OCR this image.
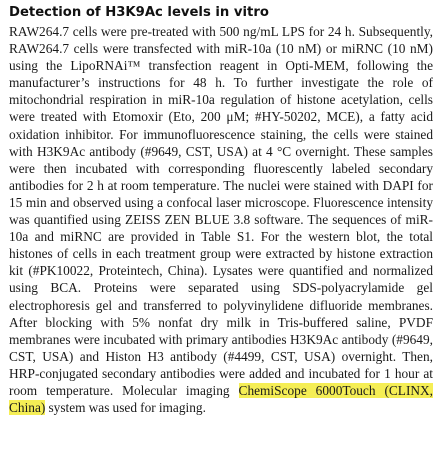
Detection of H3K9Ac levels in vitro

RAW264.7 cells were pre-treated with 500 ng/mL LPS for 24 h. Subsequently, RAW264.7 cells were transfected with miR-10a (10 nM) or miRNC (10 nM) using the LipoRNAi™ transfection reagent in Opti-MEM, following the manufacturer’s instructions for 48 h. To further investigate the role of mitochondrial respiration in miR-10a regulation of histone acetylation, cells were treated with Etomoxir (Eto, 200 μM; #HY-50202, MCE), a fatty acid oxidation inhibitor. For immunofluorescence staining, the cells were stained with H3K9Ac antibody (#9649, CST, USA) at 4 °C overnight. These samples were then incubated with corresponding fluorescently labeled secondary antibodies for 2 h at room temperature. The nuclei were stained with DAPI for 15 min and observed using a confocal laser microscope. Fluorescence intensity was quantified using ZEISS ZEN BLUE 3.8 software. The sequences of miR-10a and miRNC are provided in Table S1. For the western blot, the total histones of cells in each treatment group were extracted by histone extraction kit (#PK10022, Proteintech, China). Lysates were quantified and normalized using BCA. Proteins were separated using SDS-polyacrylamide gel electrophoresis gel and transferred to polyvinylidene difluoride membranes. After blocking with 5% nonfat dry milk in Tris-buffered saline, PVDF membranes were incubated with primary antibodies H3K9Ac antibody (#9649, CST, USA) and Histon H3 antibody (#4499, CST, USA) overnight. Then, HRP-conjugated secondary antibodies were added and incubated for 1 hour at room temperature. Molecular imaging ChemiScope 6000Touch (CLINX, China) system was used for imaging.
